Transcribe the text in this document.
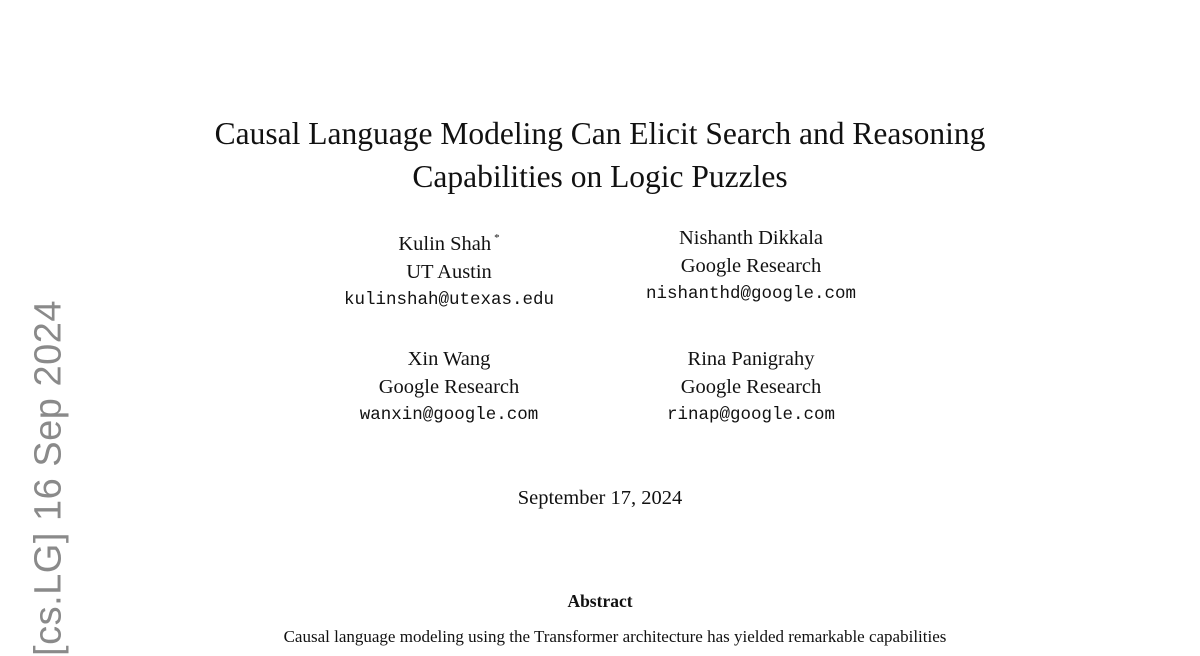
[cs.LG] 16 Sep 2024
Causal Language Modeling Can Elicit Search and Reasoning
Capabilities on Logic Puzzles
Kulin Shah *
UT Austin
kulinshah@utexas.edu
Nishanth Dikkala
Google Research
nishanthd@google.com
Xin Wang
Google Research
wanxin@google.com
Rina Panigrahy
Google Research
rinap@google.com
September 17, 2024
Abstract
Causal language modeling using the Transformer architecture has yielded remarkable capabilities
